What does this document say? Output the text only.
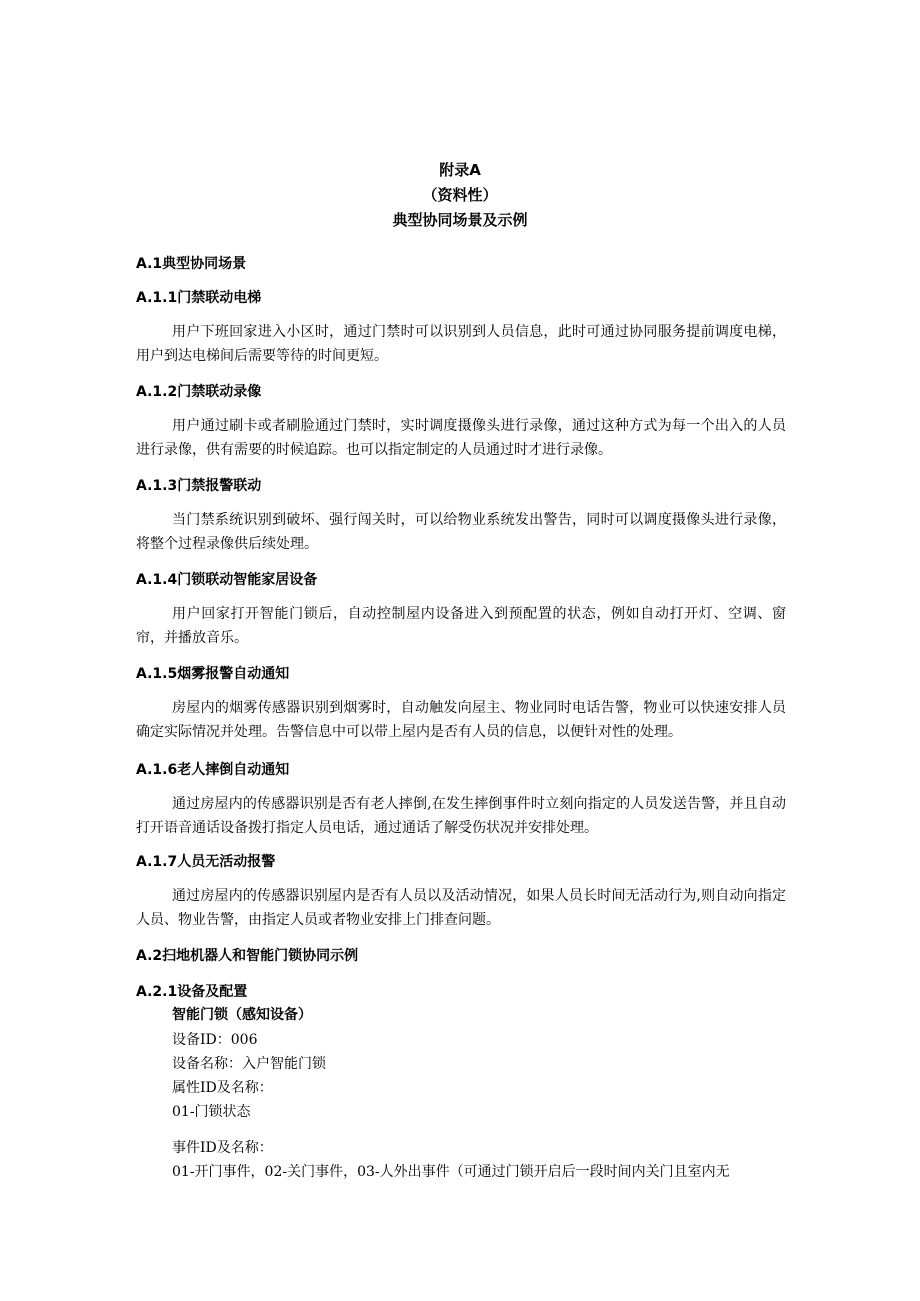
附录A
（资料性）
典型协同场景及示例
A.1典型协同场景
A.1.1门禁联动电梯
用户下班回家进入小区时，通过门禁时可以识别到人员信息，此时可通过协同服务提前调度电梯，用户到达电梯间后需要等待的时间更短。
A.1.2门禁联动录像
用户通过刷卡或者刷脸通过门禁时，实时调度摄像头进行录像，通过这种方式为每一个出入的人员进行录像，供有需要的时候追踪。也可以指定制定的人员通过时才进行录像。
A.1.3门禁报警联动
当门禁系统识别到破坏、强行闯关时，可以给物业系统发出警告，同时可以调度摄像头进行录像，将整个过程录像供后续处理。
A.1.4门锁联动智能家居设备
用户回家打开智能门锁后，自动控制屋内设备进入到预配置的状态，例如自动打开灯、空调、窗帘，并播放音乐。
A.1.5烟雾报警自动通知
房屋内的烟雾传感器识别到烟雾时，自动触发向屋主、物业同时电话告警，物业可以快速安排人员确定实际情况并处理。告警信息中可以带上屋内是否有人员的信息，以便针对性的处理。
A.1.6老人摔倒自动通知
通过房屋内的传感器识别是否有老人摔倒,在发生摔倒事件时立刻向指定的人员发送告警，并且自动打开语音通话设备拨打指定人员电话，通过通话了解受伤状况并安排处理。
A.1.7人员无活动报警
通过房屋内的传感器识别屋内是否有人员以及活动情况，如果人员长时间无活动行为,则自动向指定人员、物业告警，由指定人员或者物业安排上门排查问题。
A.2扫地机器人和智能门锁协同示例
A.2.1设备及配置
智能门锁（感知设备）
设备ID：006
设备名称：入户智能门锁
属性ID及名称：
01-门锁状态
事件ID及名称：
01-开门事件，02-关门事件，03-人外出事件（可通过门锁开启后一段时间内关门且室内无
